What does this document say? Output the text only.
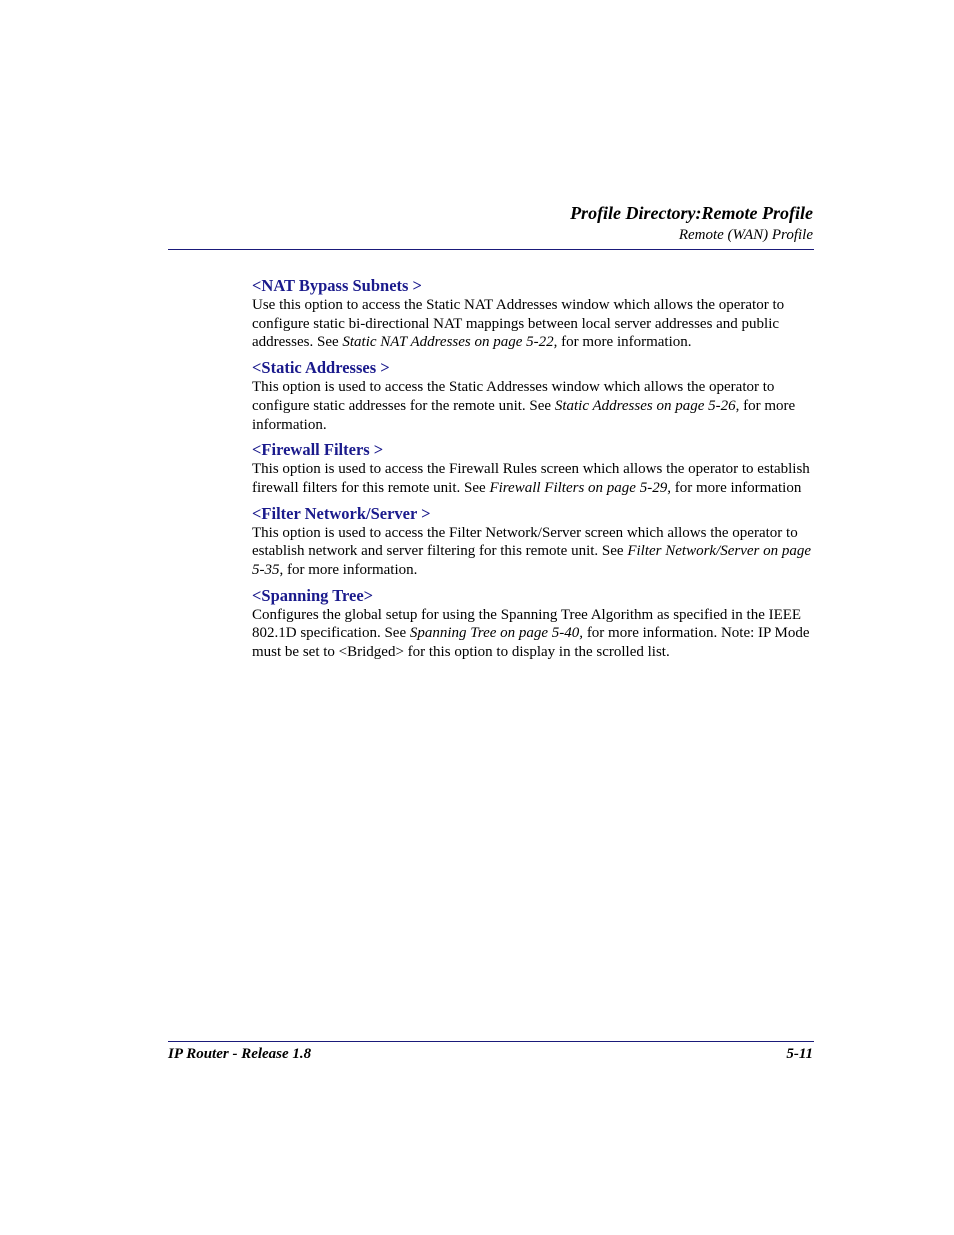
Profile Directory:Remote Profile
Remote (WAN) Profile
<NAT Bypass Subnets >
Use this option to access the Static NAT Addresses window which allows the operator to configure static bi-directional NAT mappings between local server addresses and public addresses. See Static NAT Addresses on page 5-22, for more information.
<Static Addresses >
This option is used to access the Static Addresses window which allows the operator to configure static addresses for the remote unit. See Static Addresses on page 5-26, for more information.
<Firewall Filters >
This option is used to access the Firewall Rules screen which allows the operator to establish firewall filters for this remote unit. See Firewall Filters on page 5-29, for more information
<Filter Network/Server >
This option is used to access the Filter Network/Server screen which allows the operator to establish network and server filtering for this remote unit. See Filter Network/Server on page 5-35, for more information.
<Spanning Tree>
Configures the global setup for using the Spanning Tree Algorithm as specified in the IEEE 802.1D specification. See Spanning Tree on page 5-40, for more information. Note: IP Mode must be set to <Bridged> for this option to display in the scrolled list.
IP Router - Release 1.8	5-11
